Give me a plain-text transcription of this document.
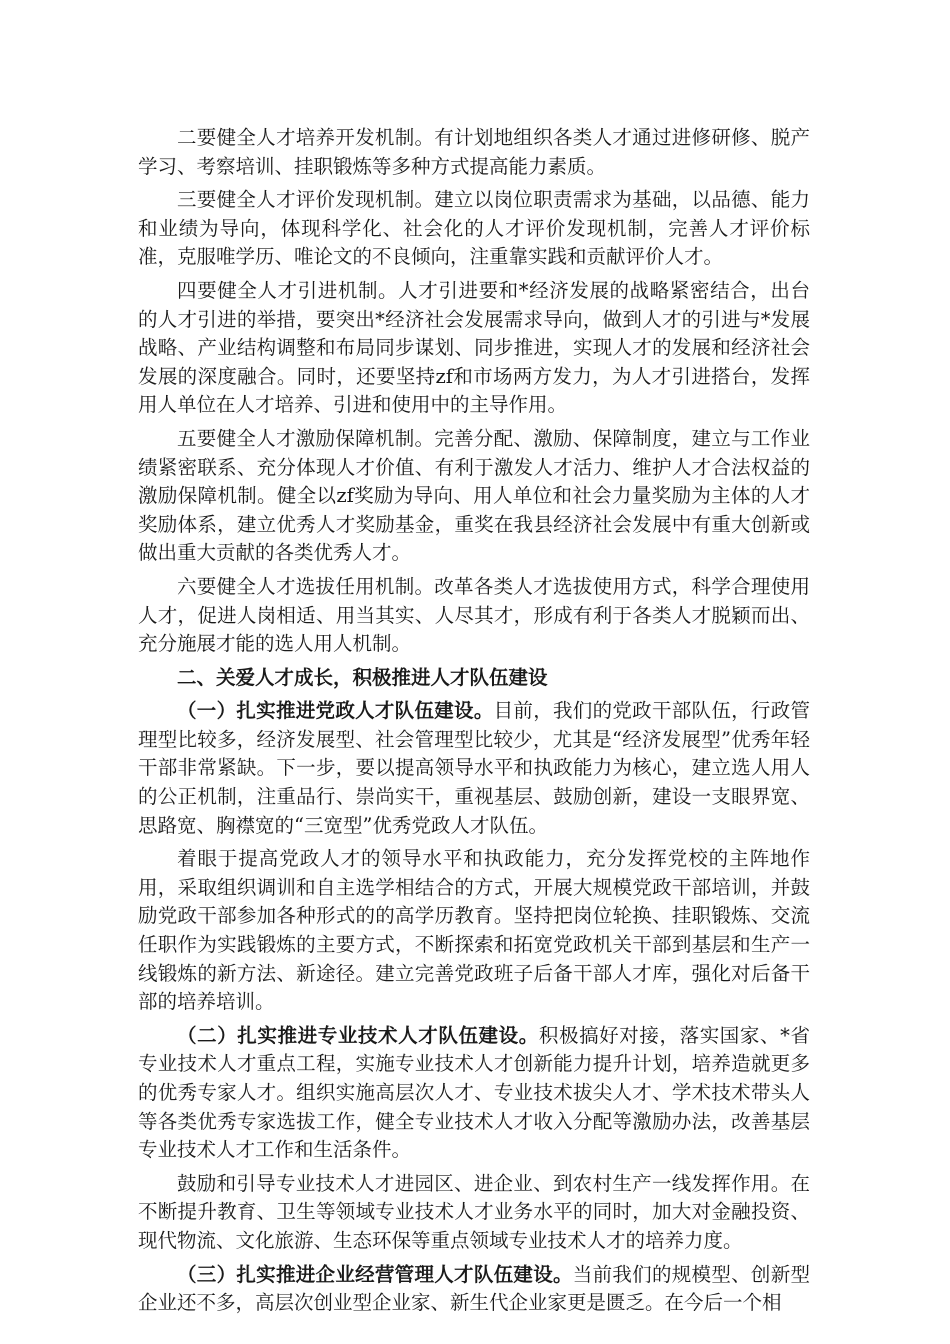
二要健全人才培养开发机制。有计划地组织各类人才通过进修研修、脱产学习、考察培训、挂职锻炼等多种方式提高能力素质。

三要健全人才评价发现机制。建立以岗位职责需求为基础，以品德、能力和业绩为导向，体现科学化、社会化的人才评价发现机制，完善人才评价标准，克服唯学历、唯论文的不良倾向，注重靠实践和贡献评价人才。

四要健全人才引进机制。人才引进要和*经济发展的战略紧密结合，出台的人才引进的举措，要突出*经济社会发展需求导向，做到人才的引进与*发展战略、产业结构调整和布局同步谋划、同步推进，实现人才的发展和经济社会发展的深度融合。同时，还要坚持zf和市场两方发力，为人才引进搭台，发挥用人单位在人才培养、引进和使用中的主导作用。

五要健全人才激励保障机制。完善分配、激励、保障制度，建立与工作业绩紧密联系、充分体现人才价值、有利于激发人才活力、维护人才合法权益的激励保障机制。健全以zf奖励为导向、用人单位和社会力量奖励为主体的人才奖励体系，建立优秀人才奖励基金，重奖在我县经济社会发展中有重大创新或做出重大贡献的各类优秀人才。

六要健全人才选拔任用机制。改革各类人才选拔使用方式，科学合理使用人才，促进人岗相适、用当其实、人尽其才，形成有利于各类人才脱颖而出、充分施展才能的选人用人机制。

二、关爱人才成长，积极推进人才队伍建设

（一）扎实推进党政人才队伍建设。目前，我们的党政干部队伍，行政管理型比较多，经济发展型、社会管理型比较少，尤其是“经济发展型”优秀年轻干部非常紧缺。下一步，要以提高领导水平和执政能力为核心，建立选人用人的公正机制，注重品行、崇尚实干，重视基层、鼓励创新，建设一支眼界宽、思路宽、胸襟宽的“三宽型”优秀党政人才队伍。

着眼于提高党政人才的领导水平和执政能力，充分发挥党校的主阵地作用，采取组织调训和自主选学相结合的方式，开展大规模党政干部培训，并鼓励党政干部参加各种形式的的高学历教育。坚持把岗位轮换、挂职锻炼、交流任职作为实践锻炼的主要方式，不断探索和拓宽党政机关干部到基层和生产一线锻炼的新方法、新途径。建立完善党政班子后备干部人才库，强化对后备干部的培养培训。

（二）扎实推进专业技术人才队伍建设。积极搞好对接，落实国家、*省专业技术人才重点工程，实施专业技术人才创新能力提升计划，培养造就更多的优秀专家人才。组织实施高层次人才、专业技术拔尖人才、学术技术带头人等各类优秀专家选拔工作，健全专业技术人才收入分配等激励办法，改善基层专业技术人才工作和生活条件。

鼓励和引导专业技术人才进园区、进企业、到农村生产一线发挥作用。在不断提升教育、卫生等领域专业技术人才业务水平的同时，加大对金融投资、现代物流、文化旅游、生态环保等重点领域专业技术人才的培养力度。

（三）扎实推进企业经营管理人才队伍建设。当前我们的规模型、创新型企业还不多，高层次创业型企业家、新生代企业家更是匮乏。在今后一个相
